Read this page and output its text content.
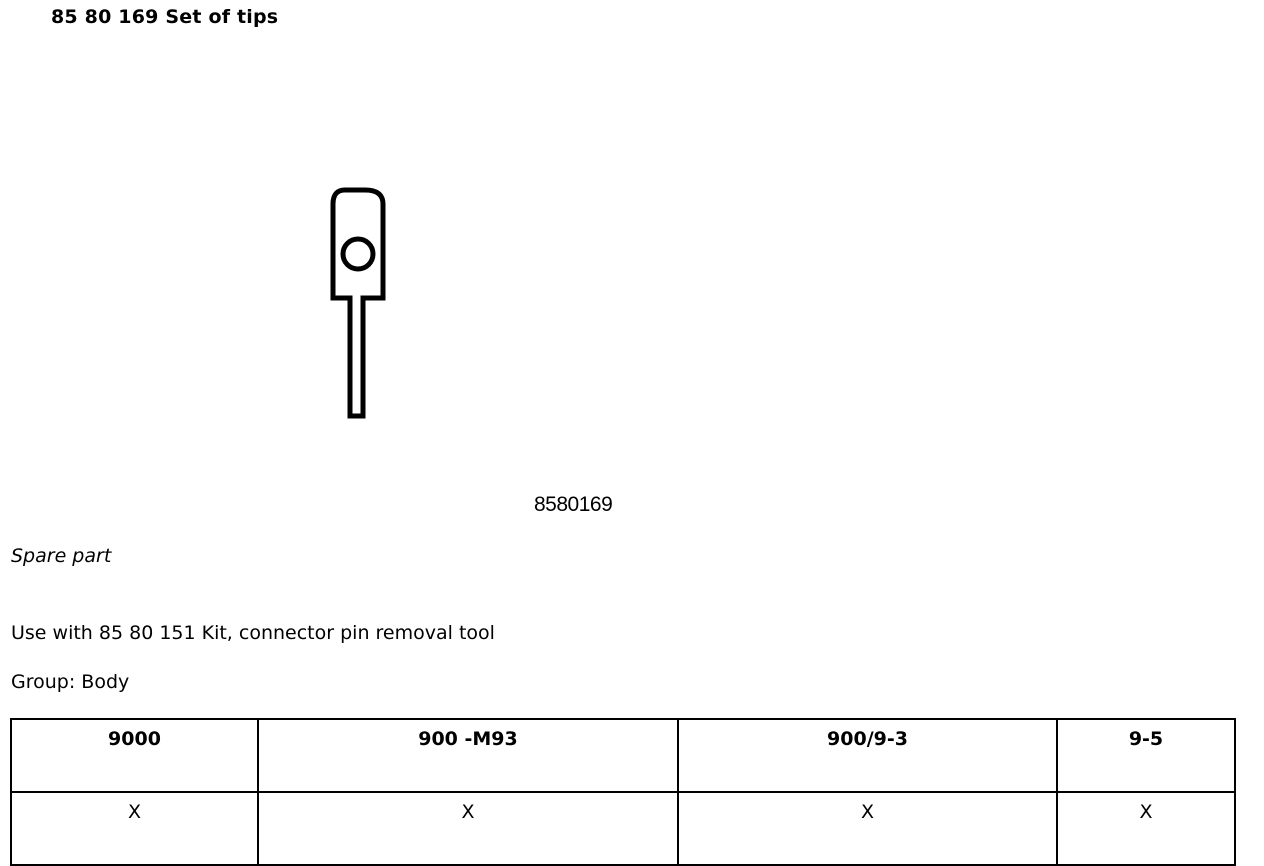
85 80 169 Set of tips
8580169
Spare part
Use with 85 80 151 Kit, connector pin removal tool
Group: Body
9000	900 -M93	900/9-3	9-5
X	X	X	X
